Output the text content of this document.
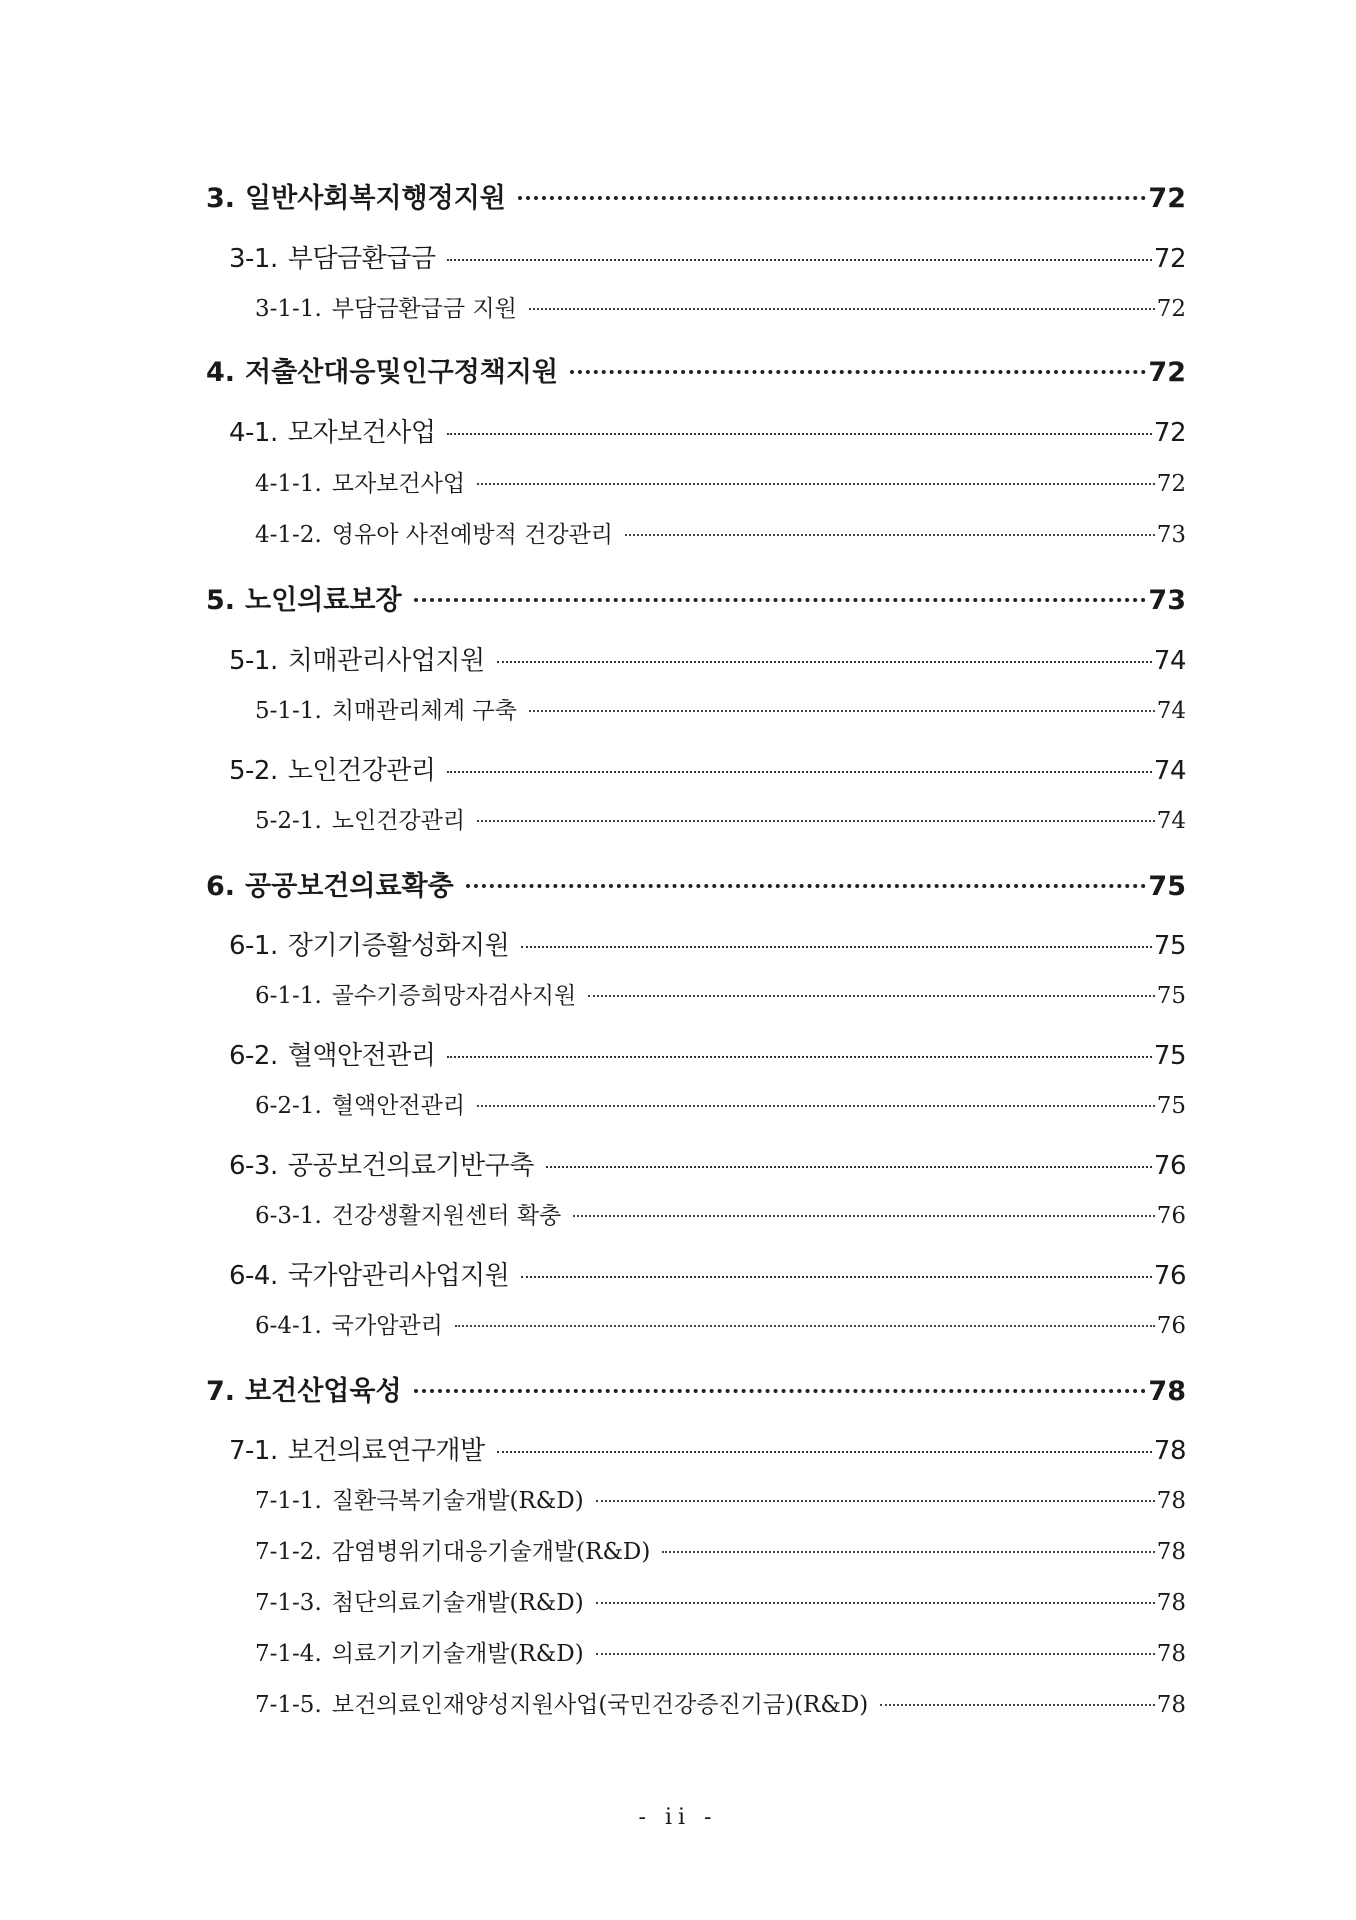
3. 일반사회복지행정지원	72
3-1. 부담금환급금	72
3-1-1. 부담금환급금 지원	72
4. 저출산대응및인구정책지원	72
4-1. 모자보건사업	72
4-1-1. 모자보건사업	72
4-1-2. 영유아 사전예방적 건강관리	73
5. 노인의료보장	73
5-1. 치매관리사업지원	74
5-1-1. 치매관리체계 구축	74
5-2. 노인건강관리	74
5-2-1. 노인건강관리	74
6. 공공보건의료확충	75
6-1. 장기기증활성화지원	75
6-1-1. 골수기증희망자검사지원	75
6-2. 혈액안전관리	75
6-2-1. 혈액안전관리	75
6-3. 공공보건의료기반구축	76
6-3-1. 건강생활지원센터 확충	76
6-4. 국가암관리사업지원	76
6-4-1. 국가암관리	76
7. 보건산업육성	78
7-1. 보건의료연구개발	78
7-1-1. 질환극복기술개발(R&D)	78
7-1-2. 감염병위기대응기술개발(R&D)	78
7-1-3. 첨단의료기술개발(R&D)	78
7-1-4. 의료기기기술개발(R&D)	78
7-1-5. 보건의료인재양성지원사업(국민건강증진기금)(R&D)	78
- ii -
